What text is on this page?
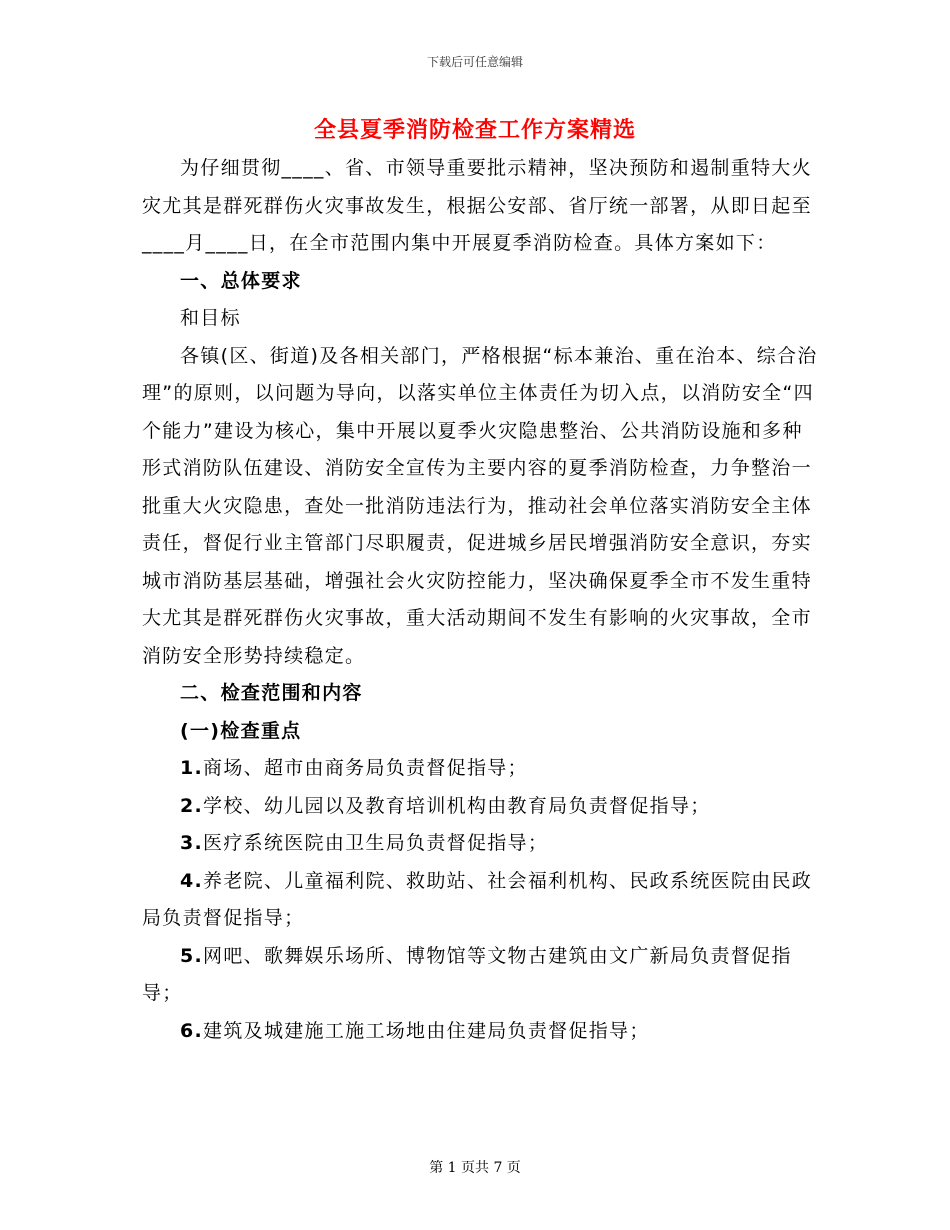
下载后可任意编辑
全县夏季消防检查工作方案精选

为仔细贯彻____、省、市领导重要批示精神，坚决预防和遏制重特大火灾尤其是群死群伤火灾事故发生，根据公安部、省厅统一部署，从即日起至____月____日，在全市范围内集中开展夏季消防检查。具体方案如下：

一、总体要求

和目标

各镇(区、街道)及各相关部门，严格根据“标本兼治、重在治本、综合治理”的原则，以问题为导向，以落实单位主体责任为切入点，以消防安全“四个能力”建设为核心，集中开展以夏季火灾隐患整治、公共消防设施和多种形式消防队伍建设、消防安全宣传为主要内容的夏季消防检查，力争整治一批重大火灾隐患，查处一批消防违法行为，推动社会单位落实消防安全主体责任，督促行业主管部门尽职履责，促进城乡居民增强消防安全意识，夯实城市消防基层基础，增强社会火灾防控能力，坚决确保夏季全市不发生重特大尤其是群死群伤火灾事故，重大活动期间不发生有影响的火灾事故，全市消防安全形势持续稳定。

二、检查范围和内容

(一)检查重点

1.商场、超市由商务局负责督促指导；

2.学校、幼儿园以及教育培训机构由教育局负责督促指导；

3.医疗系统医院由卫生局负责督促指导；

4.养老院、儿童福利院、救助站、社会福利机构、民政系统医院由民政局负责督促指导；

5.网吧、歌舞娱乐场所、博物馆等文物古建筑由文广新局负责督促指导；

6.建筑及城建施工施工场地由住建局负责督促指导；

第 1 页共 7 页
